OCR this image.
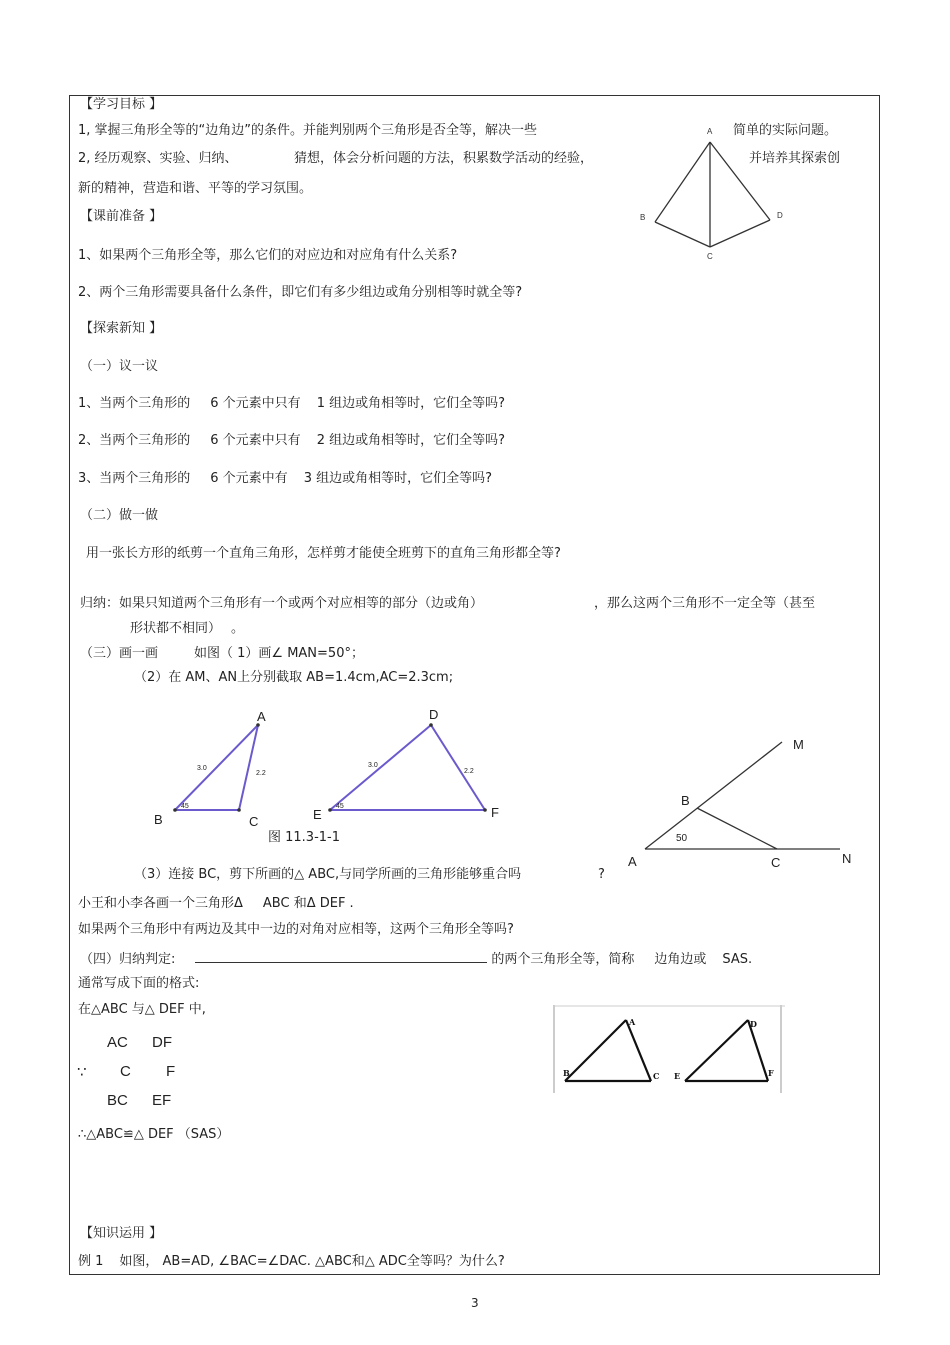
【学习目标 】
1, 掌握三角形全等的“边角边”的条件。并能判别两个三角形是否全等，解决一些	简单的实际问题。
2, 经历观察、实验、归纳、	猜想，体会分析问题的方法，积累数学活动的经验，	并培养其探索创
新的精神，营造和谐、平等的学习氛围。
A
B	D
C
【课前准备 】
1、如果两个三角形全等，那么它们的对应边和对应角有什么关系?
2、两个三角形需要具备什么条件，即它们有多少组边或角分别相等时就全等?
【探索新知 】
（一）议一议
1、当两个三角形的 6 个元素中只有 1 组边或角相等时，它们全等吗?
2、当两个三角形的 6 个元素中只有 2 组边或角相等时，它们全等吗?
3、当两个三角形的 6 个元素中有 3 组边或角相等时，它们全等吗?
（二）做一做
用一张长方形的纸剪一个直角三角形，怎样剪才能使全班剪下的直角三角形都全等?
归纳：如果只知道两个三角形有一个或两个对应相等的部分（边或角）	，那么这两个三角形不一定全等（甚至
形状都不相同） 。
（三）画一画	如图（ 1）画∠ MAN=50°；
（2）在 AM、AN上分别截取 AB=1.4cm,AC=2.3cm;
A
B	C
3.0
2.2
45
D
E	F
3.0
2.2
45
图 11.3-1-1
M
B
A	C	N
50
（3）连接 BC，剪下所画的△ ABC,与同学所画的三角形能够重合吗	?
小王和小李各画一个三角形Δ ABC 和Δ DEF .
如果两个三角形中有两边及其中一边的对角对应相等，这两个三角形全等吗?
（四）归纳判定:	的两个三角形全等，简称 边角边或 SAS.
通常写成下面的格式:
在△ABC 与△ DEF 中,
AC DF
∵ C F
BC EF
∴△ABC≌△ DEF （SAS）
A
B	C
D
E	F
【知识运用 】
例 1 如图， AB=AD, ∠BAC=∠DAC. △ABC和△ ADC全等吗？为什么?
3
